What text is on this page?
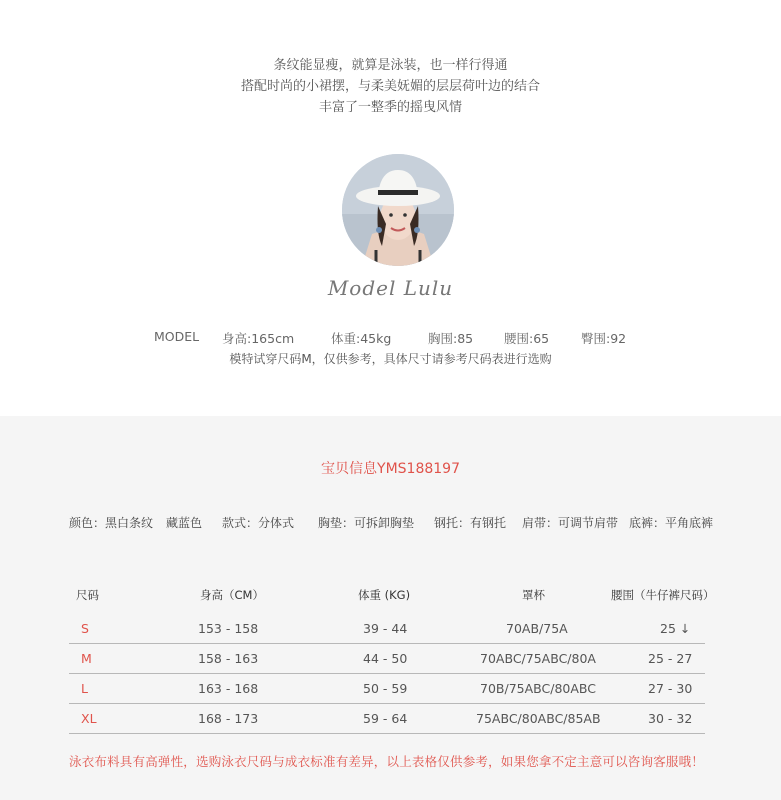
条纹能显瘦，就算是泳装，也一样行得通
搭配时尚的小裙摆，与柔美妩媚的层层荷叶边的结合
丰富了一整季的摇曳风情
Model Lulu
MODEL 身高:165cm	体重:45kg	胸围:85 腰围:65	臀围:92
模特试穿尺码M，仅供参考，具体尺寸请参考尺码表进行选购
宝贝信息YMS188197
颜色：黑白条纹 藏蓝色 款式：分体式 胸垫：可拆卸胸垫 钢托：有钢托 肩带：可调节肩带 底裤：平角底裤
尺码	身高（CM）	体重 (KG)	罩杯	腰围（牛仔裤尺码）
S	153 - 158	39 - 44	70AB/75A	25 ↓
M	158 - 163	44 - 50	70ABC/75ABC/80A	25 - 27
L	163 - 168	50 - 59	70B/75ABC/80ABC	27 - 30
XL	168 - 173	59 - 64	75ABC/80ABC/85AB	30 - 32
泳衣布料具有高弹性，选购泳衣尺码与成衣标准有差异，以上表格仅供参考，如果您拿不定主意可以咨询客服哦！
